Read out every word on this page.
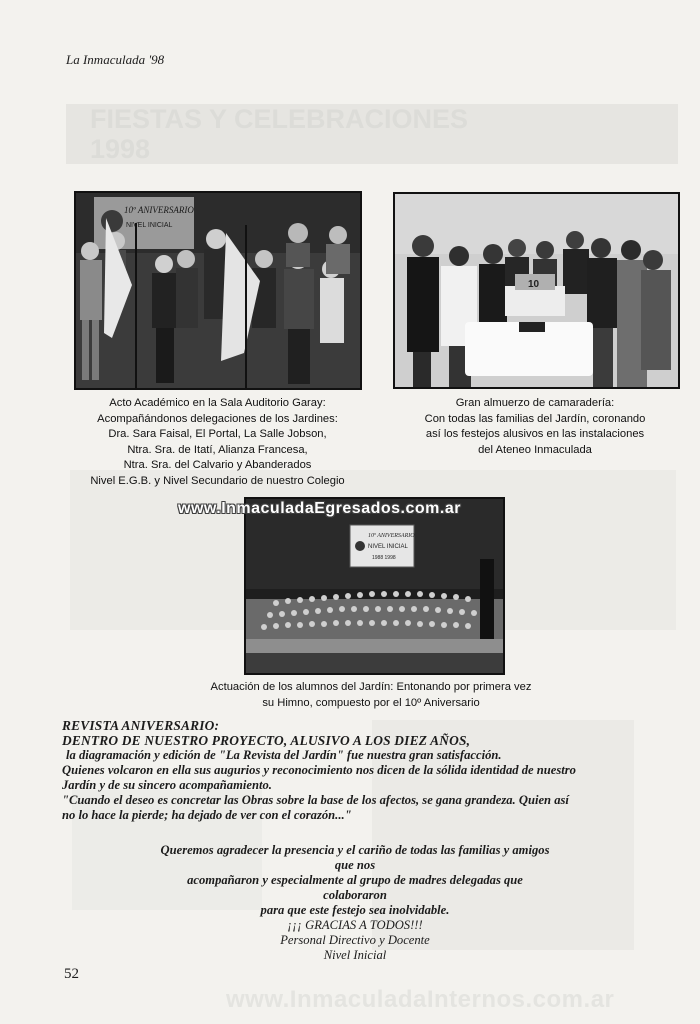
FIESTAS Y CELEBRACIONES
1998
La Inmaculada '98
10º ANIVERSARIO
NIVEL INICIAL
10
Acto Académico en la Sala Auditorio Garay:
Acompañándonos delegaciones de los Jardines:
Dra. Sara Faisal, El Portal, La Salle Jobson,
Ntra. Sra. de Itatí, Alianza Francesa,
Ntra. Sra. del Calvario y Abanderados
Nivel E.G.B. y Nivel Secundario de nuestro Colegio
Gran almuerzo de camaradería:
Con todas las familias del Jardín, coronando
así los festejos alusivos en las instalaciones
del Ateneo Inmaculada
10º ANIVERSARIO
NIVEL INICIAL
1988 1998
www.InmaculadaEgresados.com.ar
Actuación de los alumnos del Jardín: Entonando por primera vez
su Himno, compuesto por el 10º Aniversario
REVISTA ANIVERSARIO:
DENTRO DE NUESTRO PROYECTO, ALUSIVO A LOS DIEZ AÑOS,
la diagramación y edición de "La Revista del Jardín" fue nuestra gran satisfacción.
Quienes volcaron en ella sus augurios y reconocimiento nos dicen de la sólida identidad de nuestro
Jardín y de su sincero acompañamiento.
"Cuando el deseo es concretar las Obras sobre la base de los afectos, se gana grandeza. Quien así
no lo hace la pierde; ha dejado de ver con el corazón..."
Queremos agradecer la presencia y el cariño de todas las familias y amigos que nos
acompañaron y especialmente al grupo de madres delegadas que colaboraron
para que este festejo sea inolvidable.
¡¡¡ GRACIAS A TODOS!!!
Personal Directivo y Docente
Nivel Inicial
52
www.InmaculadaInternos.com.ar
